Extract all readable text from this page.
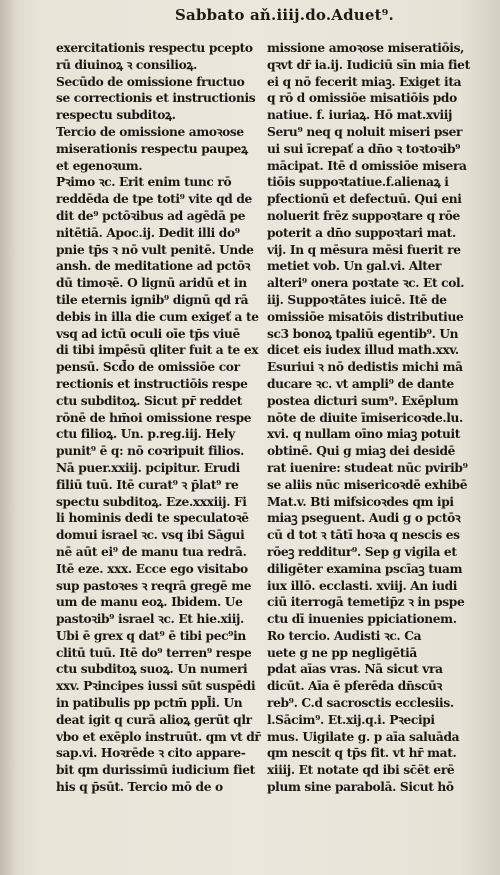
Sabbato aň.iiij.do.Aduet⁹.
exercitationis respectu pcepto
rū diuinoꝝ ꝛ consilioꝝ.
Secūdo de omissione fructuo
se correctionis et instructionis
respectu subditoꝝ.
Tercio de omissione amoꝛose
miserationis respectu paupeꝝ
et egenoꝛum.
Pꝛimo ꝛc. Erit enim tunc rō
reddēda de tpe toti⁹ vite qd de
dit de⁹ pctōꝛibus ad agēdā pe
nitētiā. Apoc.ij. Dedit illi do⁹
pnie tp̄s ꝛ nō vult penitē. Unde
ansh. de meditatione ad pctōꝛ
dū timoꝛē. O lignū aridū et in
tile eternis ignib⁹ dignū qd rā
debis in illa die cum exigeť a te
vsq ad ictū oculi oīe tp̄s viuē
di tibi impēsū qliter fuit a te ex
pensū. Scd̄o de omissiōe cor
rectionis et instructiōis respe
ctu subditoꝝ. Sicut pr̄ reddet
rōnē de hm̄oi omissione respe
ctu filioꝝ. Un. p.reg.iij. Hely
punit⁹ ē q: nō coꝛripuit filios.
Nā puer.xxiij. pcipitur. Erudi
filiū tuū. Itē curat⁹ ꝛ p̄lat⁹ re
spectu subditoꝝ. Eze.xxxiij. Fi
li hominis dedi te speculatoꝛē
domui israel ꝛc. vsq ibi Sāgui
nē aūt ei⁹ de manu tua redrā.
Itē eze. xxx. Ecce ego visitabo
sup pastoꝛes ꝛ reqrā gregē me
um de manu eoꝝ. Ibidem. Ue
pastoꝛib⁹ israel ꝛc. Et hie.xiij.
Ubi ē grex q dat⁹ ē tibi pec⁹in
clitū tuū. Itē do⁹ terren⁹ respe
ctu subditoꝝ suoꝝ. Un numeri
xxv. Pꝛincipes iussi sūt suspēdi
in patibulis pp pctm̄ ppl̄i. Un
deat igit q curā alioꝝ gerūt qlr
vbo et exēplo instruūt. qm vt dr̄
sap.vi. Hoꝛrēde ꝛ cito appare-
bit qm durissimū iudicium fiet
his q p̄sūt. Tercio mō de o
missione amoꝛose miseratiōis,
qꝛvt dr̄ ia.ij. Iudiciū sīn mia fiet
ei q nō fecerit miaꝫ. Exiget ita
q rō d omissiōe misatiōis pdo
natiue. f. iuriaꝝ. Hō mat.xviij
Seru⁹ neq q noluit miseri pser
ui sui īcrepať a dn̄o ꝛ toꝛtoꝛib⁹
mācipat. Itē d omissiōe misera
tiōis suppoꝛtatiue.f.alienaꝝ i
pfectionū et defectuū. Qui eni
noluerit frēz suppoꝛtare q rōe
poterit a dn̄o suppoꝛtari mat.
vij. In q mēsura mēsi fuerit re
metiet vob. Un gal.vi. Alter
alteri⁹ onera poꝛtate ꝛc. Et col.
iij. Suppoꝛtātes iuicē. Itē de
omissiōe misatōis distributiue
sc3 bonoꝝ tpaliū egentib⁹. Un
dicet eis iudex illud math.xxv.
Esuriui ꝛ nō dedistis michi mā
ducare ꝛc. vt ampli⁹ de dante
postea dicturi sum⁹. Exēplum
nōte de diuite īmisericoꝛde.lu.
xvi. q nullam oīno miaꝫ potuit
obtinē. Qui g miaꝫ dei desidē
rat iuenire: studeat nūc pvirib⁹
se aliis nūc misericoꝛdē exhibē
Mat.v. Bti mifsicoꝛdes qm ipi
miaꝫ pseguent. Audi g o pctōꝛ
cū d tot ꝛ tātī hoꝛa q nescis es
rōeꝫ redditur⁹. Sep g vigila et
diligēter examina pscīaꝫ tuam
iux illō. ecclasti. xviij. An iudi
ciū iterrogā temetip̄z ꝛ in pspe
ctu dī inuenies ppiciationem.
Ro tercio. Audisti ꝛc. Ca
uete g ne pp negligētiā
pdat aīas vras. Nā sicut vra
dicūt. Aīa ē pferēda dn̄scūꝛ
reb⁹. C.d sacrosctis ecclesiis.
l.Sācim⁹. Et.xij.q.i. Pꝛecipi
mus. Uigilate g. p aīa saluāda
qm nescit q tp̄s fit. vt hr̄ mat.
xiiij. Et notate qd ibi sc̄ēt erē
plum sine parabolā. Sicut hō
